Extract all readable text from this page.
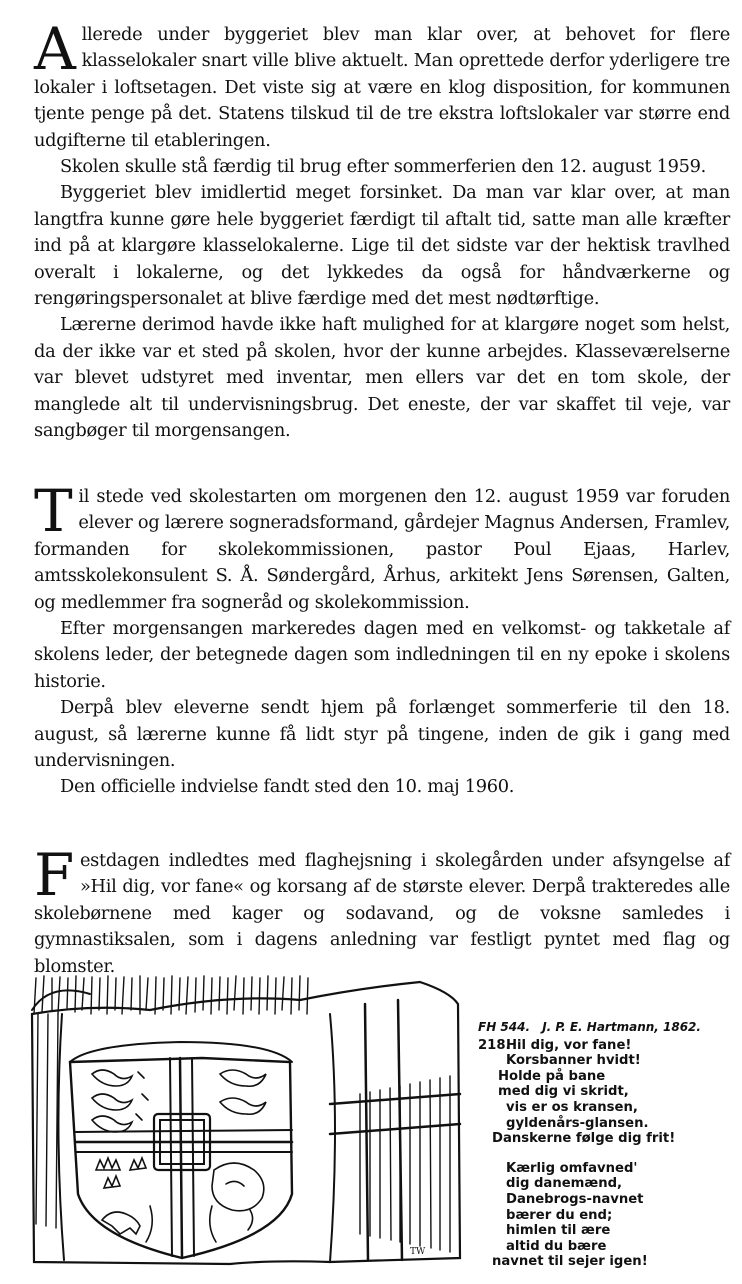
Allerede under byggeriet blev man klar over, at behovet for flere klasselokaler snart ville blive aktuelt. Man oprettede derfor yderligere tre lokaler i loftsetagen. Det viste sig at være en klog disposition, for kommunen tjente penge på det. Statens tilskud til de tre ekstra loftslokaler var større end udgifterne til etableringen.

Skolen skulle stå færdig til brug efter sommerferien den 12. august 1959.

Byggeriet blev imidlertid meget forsinket. Da man var klar over, at man langtfra kunne gøre hele byggeriet færdigt til aftalt tid, satte man alle kræfter ind på at klargøre klasselokalerne. Lige til det sidste var der hektisk travlhed overalt i lokalerne, og det lykkedes da også for håndværkerne og rengøringspersonalet at blive færdige med det mest nødtørftige.

Lærerne derimod havde ikke haft mulighed for at klargøre noget som helst, da der ikke var et sted på skolen, hvor der kunne arbejdes. Klasseværelserne var blevet udstyret med inventar, men ellers var det en tom skole, der manglede alt til undervisningsbrug. Det eneste, der var skaffet til veje, var sangbøger til morgensangen.

Til stede ved skolestarten om morgenen den 12. august 1959 var foruden elever og lærere sogneradsformand, gårdejer Magnus Andersen, Framlev, formanden for skolekommissionen, pastor Poul Ejaas, Harlev, amtsskolekonsulent S. Å. Søndergård, Århus, arkitekt Jens Sørensen, Galten, og medlemmer fra sogneråd og skolekommission.

Efter morgensangen markeredes dagen med en velkomst- og takketale af skolens leder, der betegnede dagen som indledningen til en ny epoke i skolens historie.

Derpå blev eleverne sendt hjem på forlænget sommerferie til den 18. august, så lærerne kunne få lidt styr på tingene, inden de gik i gang med undervisningen.

Den officielle indvielse fandt sted den 10. maj 1960.

Festdagen indledtes med flaghejsning i skolegården under afsyngelse af »Hil dig, vor fane« og korsang af de største elever. Derpå trakteredes alle skolebørnene med kager og sodavand, og de voksne samledes i gymnastiksalen, som i dagens anledning var festligt pyntet med flag og blomster.

TW
FH 544. J. P. E. Hartmann, 1862.
218.Hil dig, vor fane!
Korsbanner hvidt!
Holde på bane
med dig vi skridt,
vis er os kransen,
gyldenårs-glansen.
Danskerne følge dig frit!
Kærlig omfavned'
dig danemænd,
Danebrogs-navnet
bærer du end;
himlen til ære
altid du bære
navnet til sejer igen!
